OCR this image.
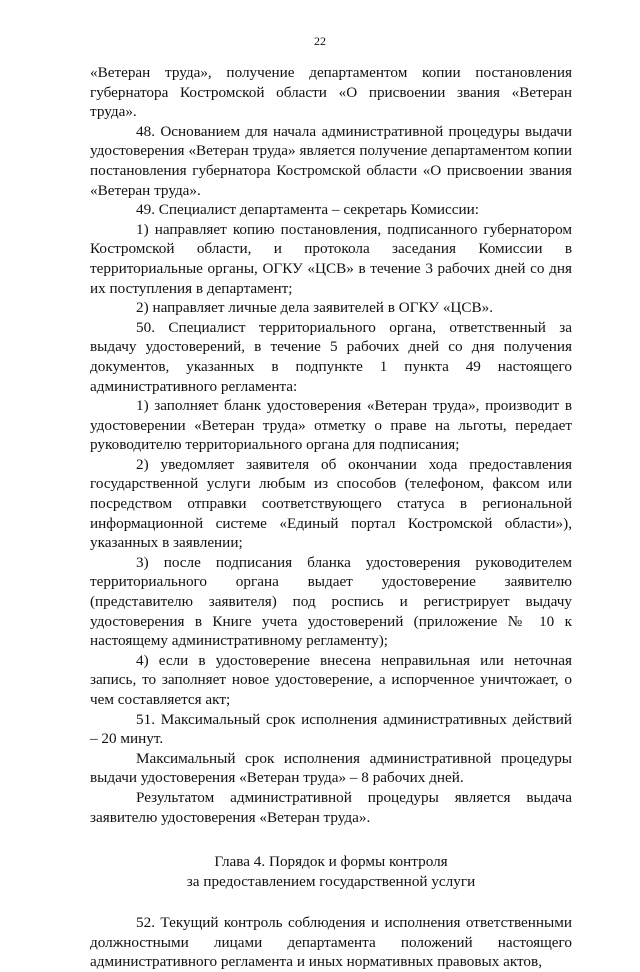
22

«Ветеран труда», получение департаментом копии постановления губернатора Костромской области «О присвоении звания «Ветеран труда».

48. Основанием для начала административной процедуры выдачи удостоверения «Ветеран труда» является получение департаментом копии постановления губернатора Костромской области «О присвоении звания «Ветеран труда».

49. Специалист департамента – секретарь Комиссии:

1) направляет копию постановления, подписанного губернатором Костромской области, и протокола заседания Комиссии в территориальные органы, ОГКУ «ЦСВ» в течение 3 рабочих дней со дня их поступления в департамент;

2) направляет личные дела заявителей в ОГКУ «ЦСВ».

50. Специалист территориального органа, ответственный за выдачу удостоверений, в течение 5 рабочих дней со дня получения документов, указанных в подпункте 1 пункта 49 настоящего административного регламента:

1) заполняет бланк удостоверения «Ветеран труда», производит в удостоверении «Ветеран труда» отметку о праве на льготы, передает руководителю территориального органа для подписания;

2) уведомляет заявителя об окончании хода предоставления государственной услуги любым из способов (телефоном, факсом или посредством отправки соответствующего статуса в региональной информационной системе «Единый портал Костромской области»), указанных в заявлении;

3) после подписания бланка удостоверения руководителем территориального органа выдает удостоверение заявителю (представителю заявителя) под роспись и регистрирует выдачу удостоверения в Книге учета удостоверений (приложение № 10 к настоящему административному регламенту);

4) если в удостоверение внесена неправильная или неточная запись, то заполняет новое удостоверение, а испорченное уничтожает, о чем составляется акт;

51. Максимальный срок исполнения административных действий – 20 минут.

Максимальный срок исполнения административной процедуры выдачи удостоверения «Ветеран труда» – 8 рабочих дней.

Результатом административной процедуры является выдача заявителю удостоверения «Ветеран труда».

Глава 4. Порядок и формы контроля
за предоставлением государственной услуги

52. Текущий контроль соблюдения и исполнения ответственными должностными лицами департамента положений настоящего административного регламента и иных нормативных правовых актов,
